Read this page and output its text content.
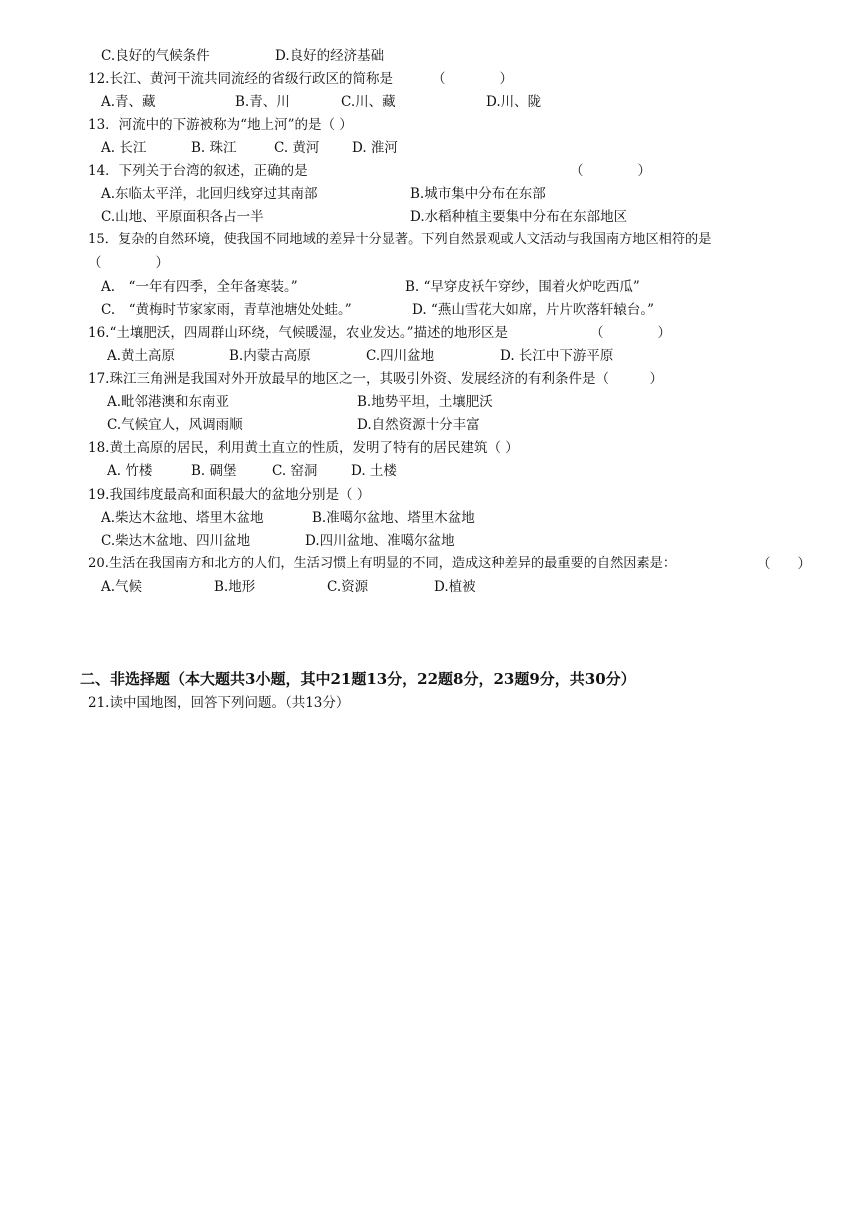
C.良好的气候条件	D.良好的经济基础
12.长江、黄河干流共同流经的省级行政区的简称是	（　　　　）
A.青、藏	B.青、川	C.川、藏	D.川、陇
13．河流中的下游被称为“地上河”的是（ ）
A. 长江	B. 珠江	C. 黄河 D. 淮河
14．下列关于台湾的叙述，正确的是	（　　　　）
A.东临太平洋，北回归线穿过其南部	B.城市集中分布在东部
C.山地、平原面积各占一半	D.水稻种植主要集中分布在东部地区
15．复杂的自然环境，使我国不同地域的差异十分显著。下列自然景观或人文活动与我国南方地区相符的是
（　　　　）
A.　“一年有四季，全年备寒装。”	B. “早穿皮袄午穿纱，围着火炉吃西瓜”
C.　“黄梅时节家家雨，青草池塘处处蛙。”	D. “燕山雪花大如席，片片吹落轩辕台。”
16.“土壤肥沃，四周群山环绕，气候暖湿，农业发达。”描述的地形区是	（　　　　）
A.黄土高原	B.内蒙古高原	C.四川盆地	D. 长江中下游平原
17.珠江三角洲是我国对外开放最早的地区之一，其吸引外资、发展经济的有利条件是（　　　）
A.毗邻港澳和东南亚	B.地势平坦，土壤肥沃
C.气候宜人，风调雨顺	D.自然资源十分丰富
18.黄土高原的居民，利用黄土直立的性质，发明了特有的居民建筑（ ）
A. 竹楼	B. 碉堡	C. 窑洞 D. 土楼
19.我国纬度最高和面积最大的盆地分别是（ ）
A.柴达木盆地、塔里木盆地	B.准噶尔盆地、塔里木盆地
C.柴达木盆地、四川盆地	D.四川盆地、准噶尔盆地
20.生活在我国南方和北方的人们，生活习惯上有明显的不同，造成这种差异的最重要的自然因素是：	（　　）
A.气候	B.地形	C.资源	D.植被
二、非选择题（本大题共3小题，其中21题13分，22题8分，23题9分，共30分）
21.读中国地图，回答下列问题。（共13分）
